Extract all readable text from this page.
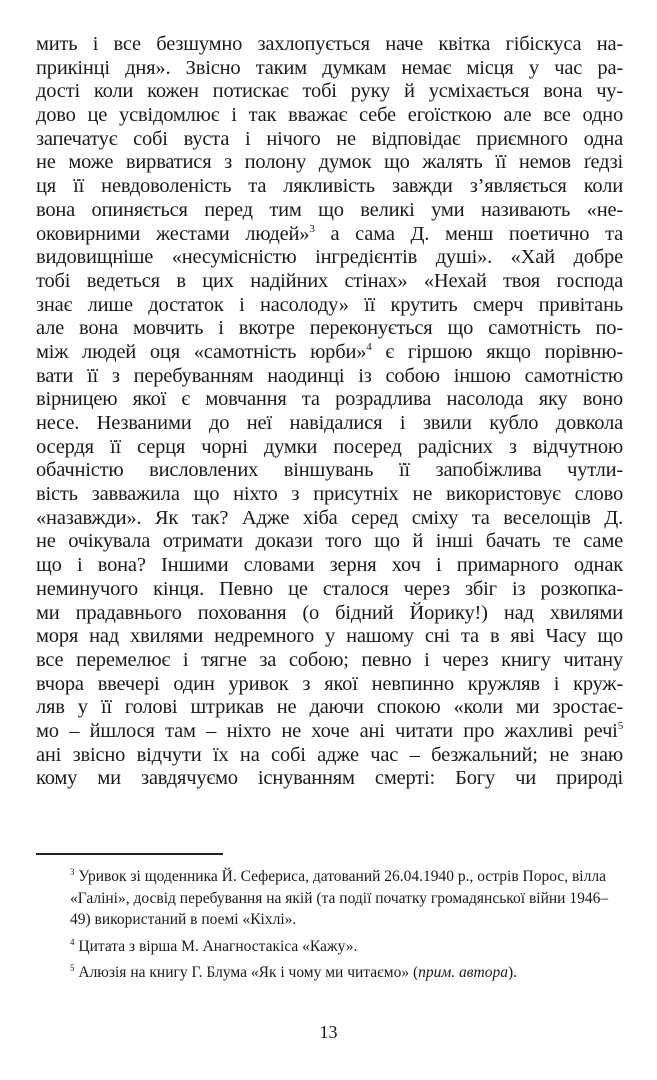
мить і все безшумно захлопується наче квітка гібіскуса на-
прикінці дня». Звісно таким думкам немає місця у час ра-
дості коли кожен потискає тобі руку й усміхається вона чу-
дово це усвідомлює і так вважає себе егоїсткою але все одно
запечатує собі вуста і нічого не відповідає приємного одна
не може вирватися з полону думок що жалять її немов ґедзі
ця її невдоволеність та лякливість завжди з’являється коли
вона опиняється перед тим що великі уми називають «не-
оковирними жестами людей»$^3$ а сама Д. менш поетично та
видовищніше «несумісністю інгредієнтів душі». «Хай добре
тобі ведеться в цих надійних стінах» «Нехай твоя господа
знає лише достаток і насолоду» її крутить смерч привітань
але вона мовчить і вкотре переконується що самотність по-
між людей оця «самотність юрби»$^4$ є гіршою якщо порівню-
вати її з перебуванням наодинці із собою іншою самотністю
вірницею якої є мовчання та розрадлива насолода яку воно
несе. Незваними до неї навідалися і звили кубло довкола
осердя її серця чорні думки посеред радісних з відчутною
обачністю висловлених віншувань її запобіжлива чутли-
вість завважила що ніхто з присутніх не використовує слово
«назавжди». Як так? Адже хіба серед сміху та веселощів Д.
не очікувала отримати докази того що й інші бачать те саме
що і вона? Іншими словами зерня хоч і примарного однак
неминучого кінця. Певно це сталося через збіг із розкопка-
ми прадавнього поховання (о бідний Йорику!) над хвилями
моря над хвилями недремного у нашому сні та в яві Часу що
все перемелює і тягне за собою; певно і через книгу читану
вчора ввечері один уривок з якої невпинно кружляв і круж-
ляв у її голові штрикав не даючи спокою «коли ми зростає-
мо – йшлося там – ніхто не хоче ані читати про жахливі речі$^5$
ані звісно відчути їх на собі адже час – безжальний; не знаю
кому ми завдячуємо існуванням смерті: Богу чи природі
$^3$ Уривок зі щоденника Й. Сефериса, датований 26.04.1940 р., острів Порос, вілла «Галіні», досвід перебування на якій (та події початку громадянської війни 1946–49) використаний в поемі «Кіхлі».
$^4$ Цитата з вірша М. Анагностакіса «Кажу».
$^5$ Алюзія на книгу Г. Блума «Як і чому ми читаємо» (прим. автора).
13
